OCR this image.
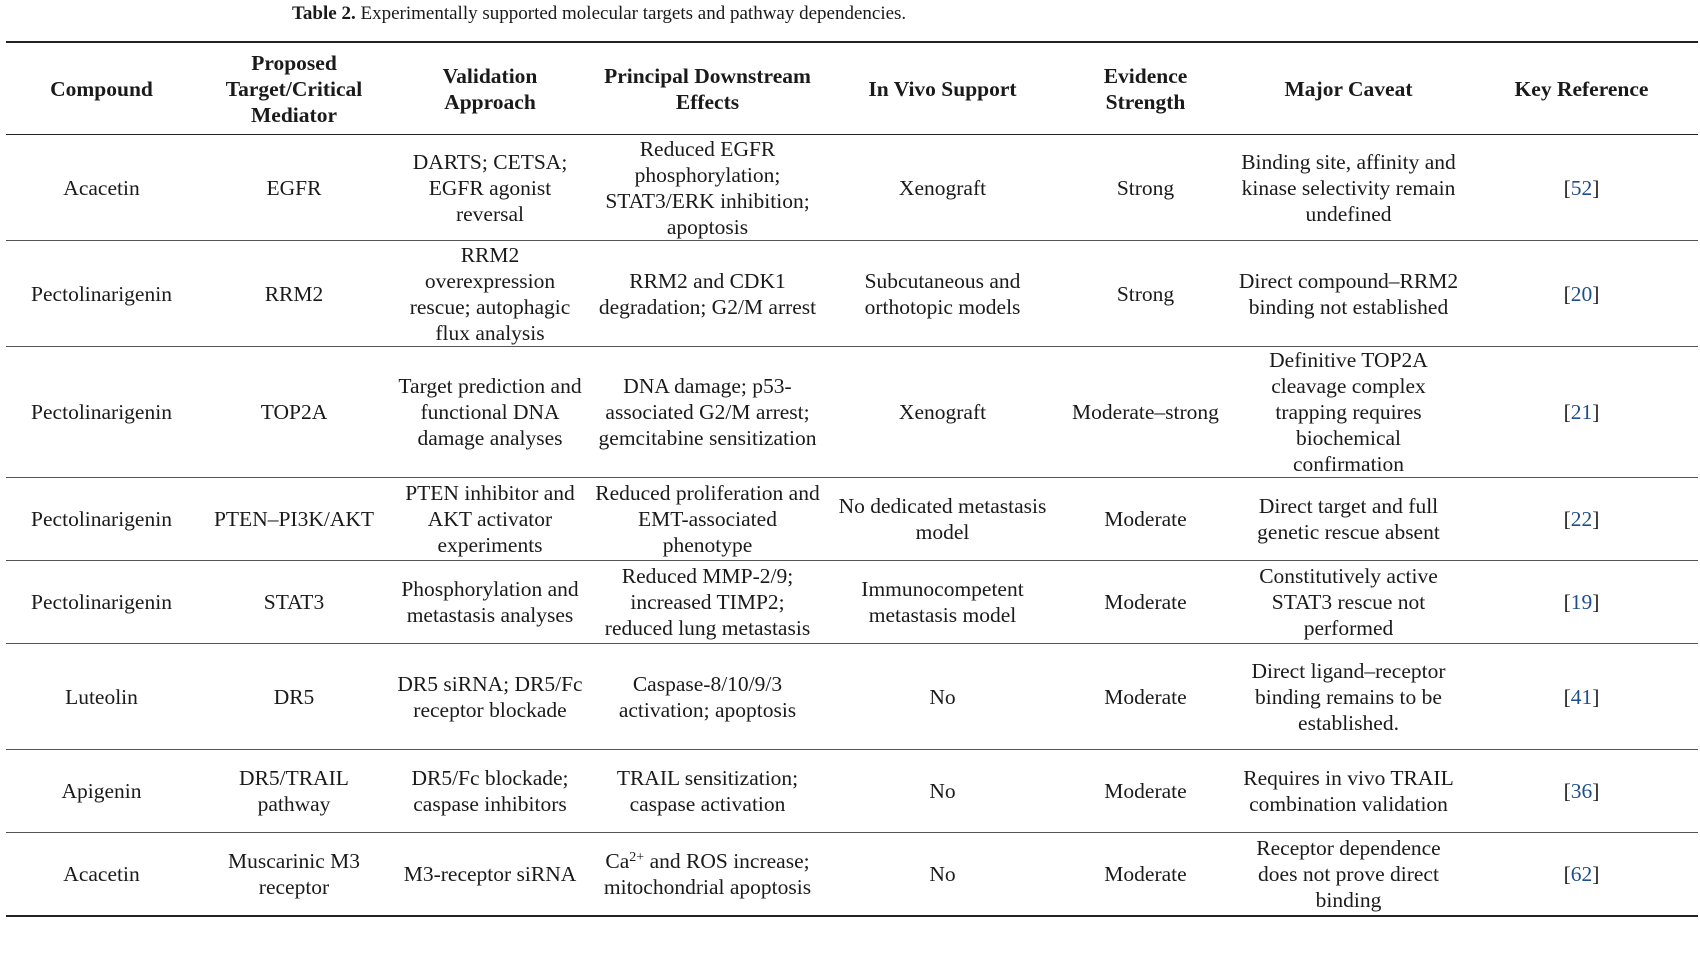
Table 2. Experimentally supported molecular targets and pathway dependencies.
Compound	Proposed Target/Critical Mediator	Validation Approach	Principal Downstream Effects	In Vivo Support	Evidence Strength	Major Caveat	Key Reference
Acacetin	EGFR	DARTS; CETSA; EGFR agonist reversal	Reduced EGFR phosphorylation; STAT3/ERK inhibition; apoptosis	Xenograft	Strong	Binding site, affinity and kinase selectivity remain undefined	[52]
Pectolinarigenin	RRM2	RRM2 overexpression rescue; autophagic flux analysis	RRM2 and CDK1 degradation; G2/M arrest	Subcutaneous and orthotopic models	Strong	Direct compound–RRM2 binding not established	[20]
Pectolinarigenin	TOP2A	Target prediction and functional DNA damage analyses	DNA damage; p53-associated G2/M arrest; gemcitabine sensitization	Xenograft	Moderate–strong	Definitive TOP2A cleavage complex trapping requires biochemical confirmation	[21]
Pectolinarigenin	PTEN–PI3K/AKT	PTEN inhibitor and AKT activator experiments	Reduced proliferation and EMT-associated phenotype	No dedicated metastasis model	Moderate	Direct target and full genetic rescue absent	[22]
Pectolinarigenin	STAT3	Phosphorylation and metastasis analyses	Reduced MMP-2/9; increased TIMP2; reduced lung metastasis	Immunocompetent metastasis model	Moderate	Constitutively active STAT3 rescue not performed	[19]
Luteolin	DR5	DR5 siRNA; DR5/Fc receptor blockade	Caspase-8/10/9/3 activation; apoptosis	No	Moderate	Direct ligand–receptor binding remains to be established.	[41]
Apigenin	DR5/TRAIL pathway	DR5/Fc blockade; caspase inhibitors	TRAIL sensitization; caspase activation	No	Moderate	Requires in vivo TRAIL combination validation	[36]
Acacetin	Muscarinic M3 receptor	M3-receptor siRNA	$Ca^{2+}$ and ROS increase; mitochondrial apoptosis	No	Moderate	Receptor dependence does not prove direct binding	[62]
